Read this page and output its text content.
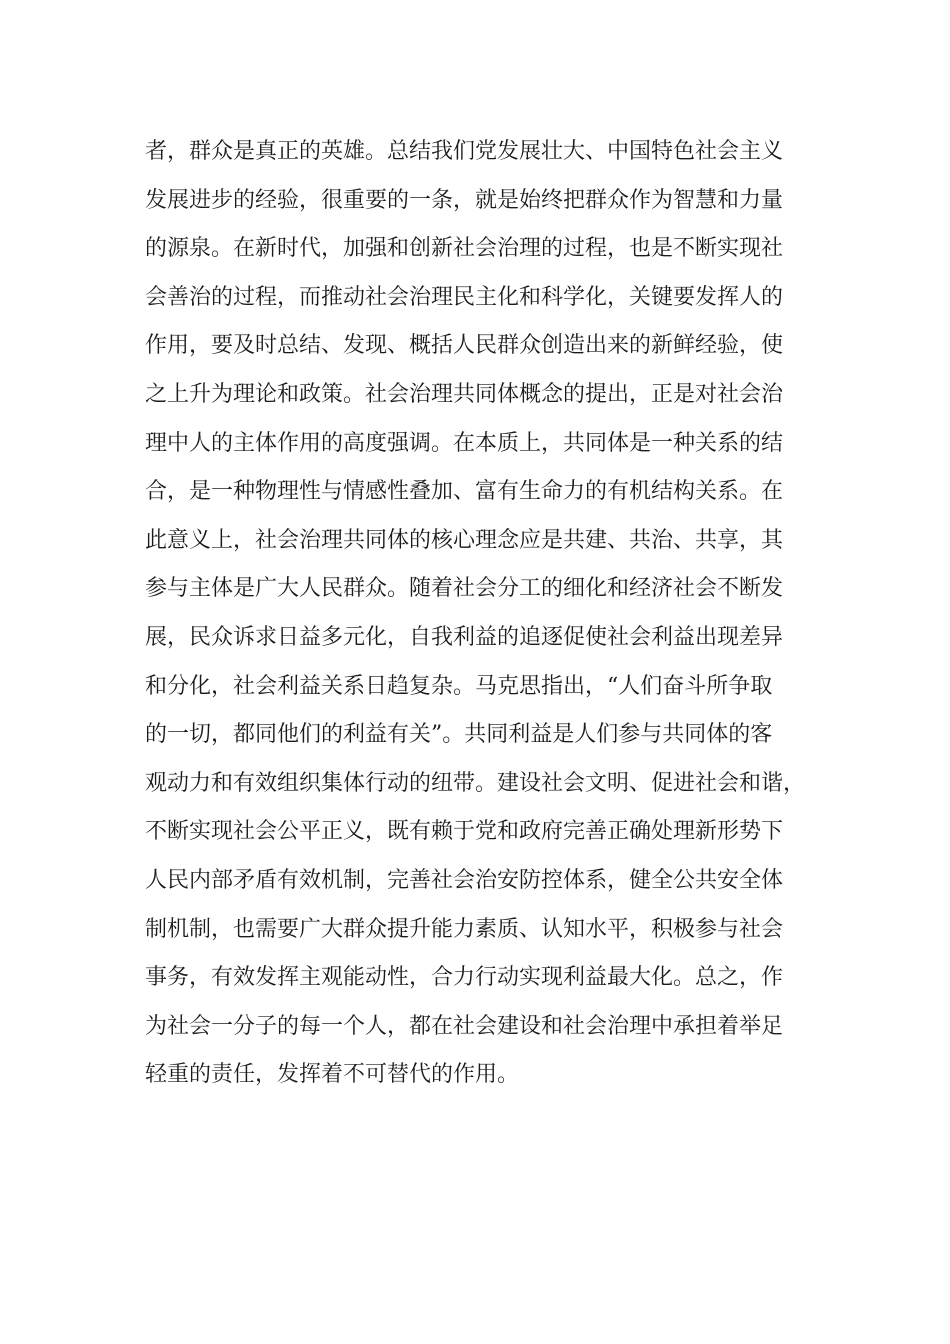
者，群众是真正的英雄。总结我们党发展壮大、中国特色社会主义
发展进步的经验，很重要的一条，就是始终把群众作为智慧和力量
的源泉。在新时代，加强和创新社会治理的过程，也是不断实现社
会善治的过程，而推动社会治理民主化和科学化，关键要发挥人的
作用，要及时总结、发现、概括人民群众创造出来的新鲜经验，使
之上升为理论和政策。社会治理共同体概念的提出，正是对社会治
理中人的主体作用的高度强调。在本质上，共同体是一种关系的结
合，是一种物理性与情感性叠加、富有生命力的有机结构关系。在
此意义上，社会治理共同体的核心理念应是共建、共治、共享，其
参与主体是广大人民群众。随着社会分工的细化和经济社会不断发
展，民众诉求日益多元化，自我利益的追逐促使社会利益出现差异
和分化，社会利益关系日趋复杂。马克思指出，“人们奋斗所争取
的一切，都同他们的利益有关”。共同利益是人们参与共同体的客
观动力和有效组织集体行动的纽带。建设社会文明、促进社会和谐，
不断实现社会公平正义，既有赖于党和政府完善正确处理新形势下
人民内部矛盾有效机制，完善社会治安防控体系，健全公共安全体
制机制，也需要广大群众提升能力素质、认知水平，积极参与社会
事务，有效发挥主观能动性，合力行动实现利益最大化。总之，作
为社会一分子的每一个人，都在社会建设和社会治理中承担着举足
轻重的责任，发挥着不可替代的作用。
